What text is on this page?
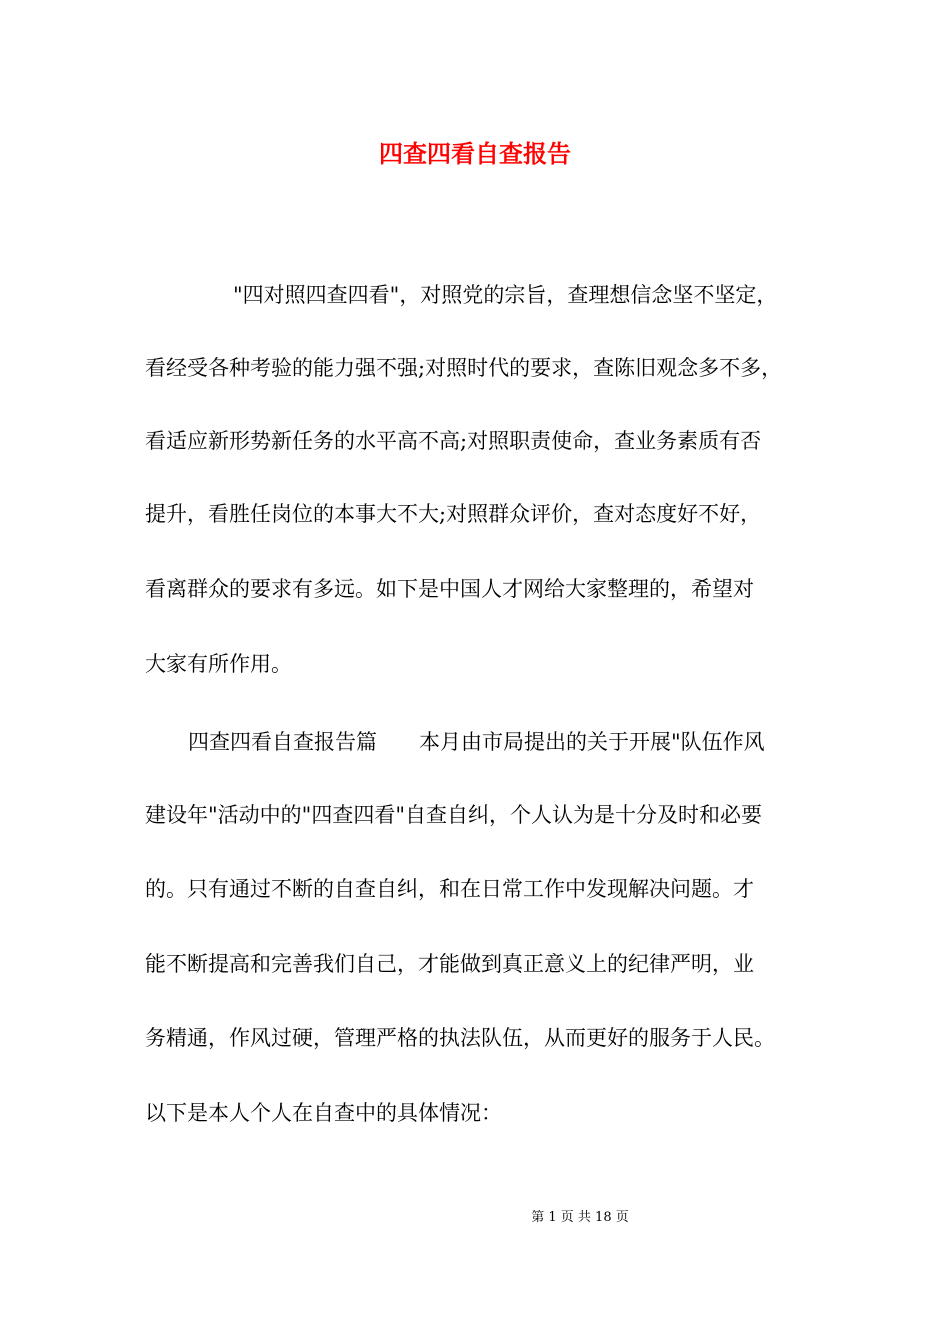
四查四看自查报告
"四对照四查四看"，对照党的宗旨，查理想信念坚不坚定，
看经受各种考验的能力强不强;对照时代的要求，查陈旧观念多不多，
看适应新形势新任务的水平高不高;对照职责使命，查业务素质有否
提升，看胜任岗位的本事大不大;对照群众评价，查对态度好不好，
看离群众的要求有多远。如下是中国人才网给大家整理的，希望对
大家有所作用。
四查四看自查报告篇　　本月由市局提出的关于开展"队伍作风
建设年"活动中的"四查四看"自查自纠，个人认为是十分及时和必要
的。只有通过不断的自查自纠，和在日常工作中发现解决问题。才
能不断提高和完善我们自己，才能做到真正意义上的纪律严明，业
务精通，作风过硬，管理严格的执法队伍，从而更好的服务于人民。
以下是本人个人在自查中的具体情况：
第 1 页 共 18 页
